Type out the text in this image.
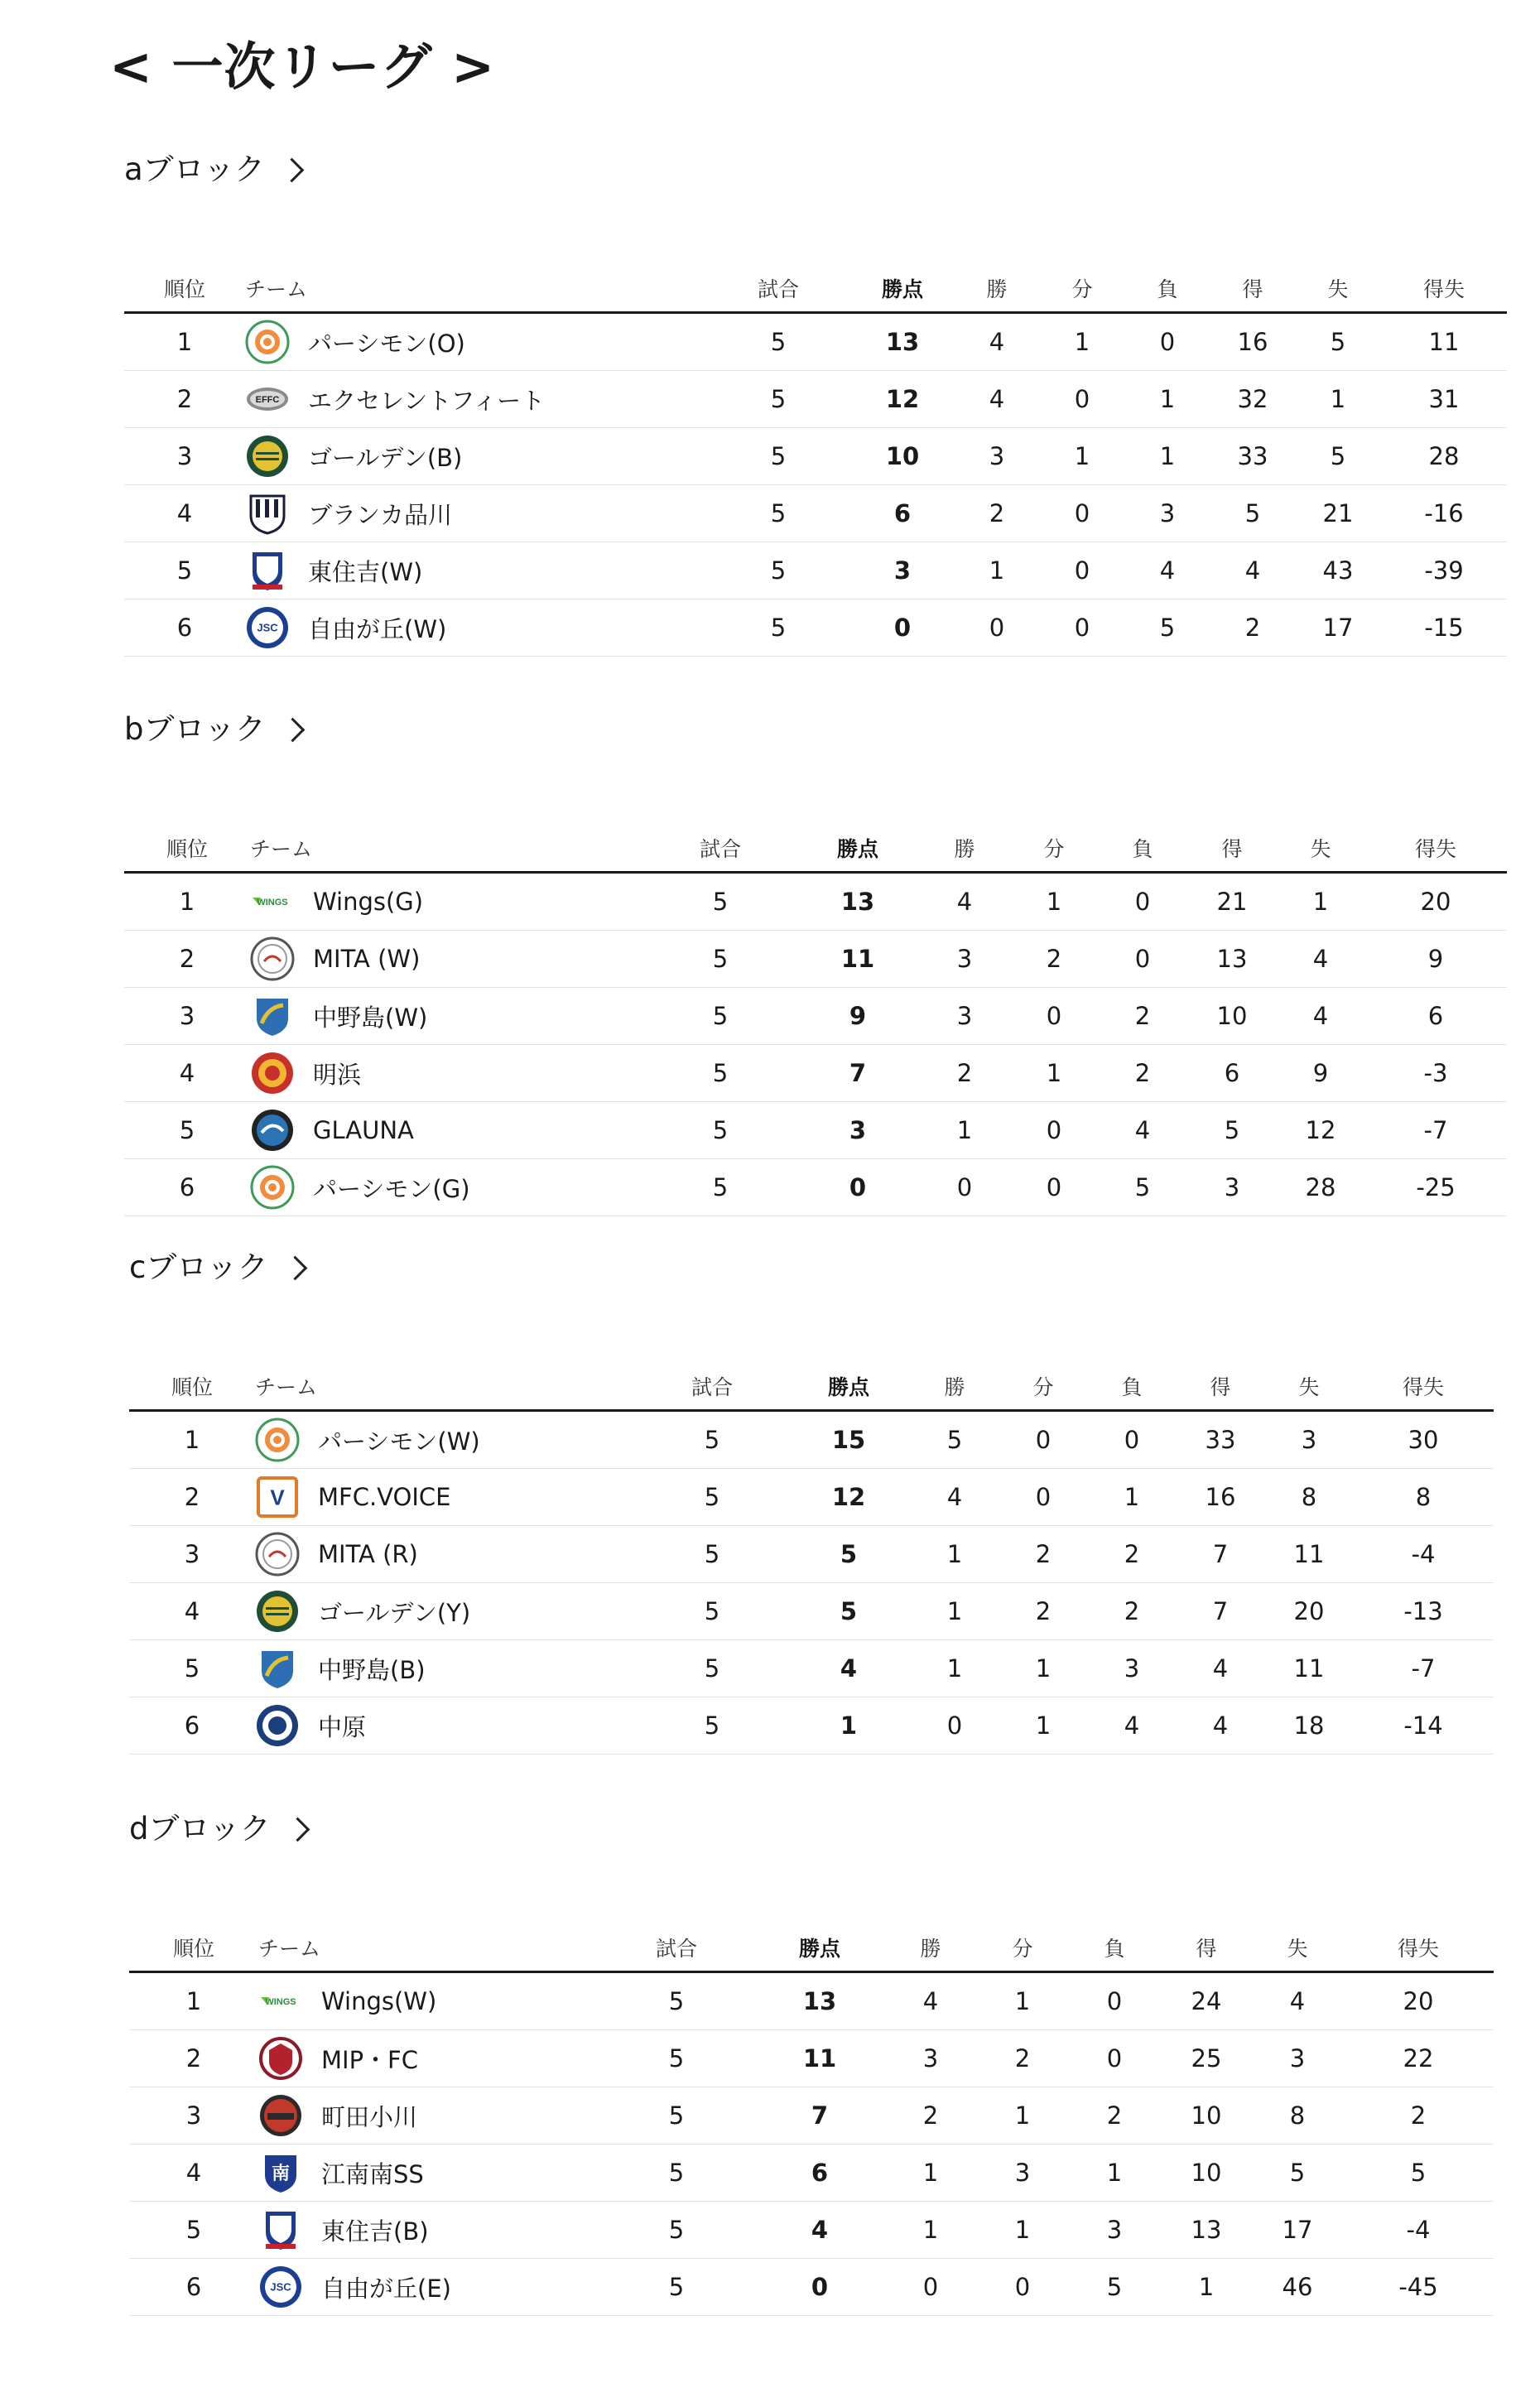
< 一次リーグ >
aブロック
順位	チーム	試合	勝点	勝	分	負	得	失	得失
1	パーシモン(O)	5	13	4	1	0	16	5	11
2	EFFC エクセレントフィート	5	12	4	0	1	32	1	31
3	ゴールデン(B)	5	10	3	1	1	33	5	28
4	ブランカ品川	5	6	2	0	3	5	21	-16
5	東住吉(W)	5	3	1	0	4	4	43	-39
6	JSC 自由が丘(W)	5	0	0	0	5	2	17	-15
bブロック
順位	チーム	試合	勝点	勝	分	負	得	失	得失
1	WINGS Wings(G)	5	13	4	1	0	21	1	20
2	MITA (W)	5	11	3	2	0	13	4	9
3	中野島(W)	5	9	3	0	2	10	4	6
4	明浜	5	7	2	1	2	6	9	-3
5	GLAUNA	5	3	1	0	4	5	12	-7
6	パーシモン(G)	5	0	0	0	5	3	28	-25
cブロック
順位	チーム	試合	勝点	勝	分	負	得	失	得失
1	パーシモン(W)	5	15	5	0	0	33	3	30
2	V MFC.VOICE	5	12	4	0	1	16	8	8
3	MITA (R)	5	5	1	2	2	7	11	-4
4	ゴールデン(Y)	5	5	1	2	2	7	20	-13
5	中野島(B)	5	4	1	1	3	4	11	-7
6	中原	5	1	0	1	4	4	18	-14
dブロック
順位	チーム	試合	勝点	勝	分	負	得	失	得失
1	WINGS Wings(W)	5	13	4	1	0	24	4	20
2	MIP・FC	5	11	3	2	0	25	3	22
3	町田小川	5	7	2	1	2	10	8	2
4	南 江南南SS	5	6	1	3	1	10	5	5
5	東住吉(B)	5	4	1	1	3	13	17	-4
6	JSC 自由が丘(E)	5	0	0	0	5	1	46	-45
